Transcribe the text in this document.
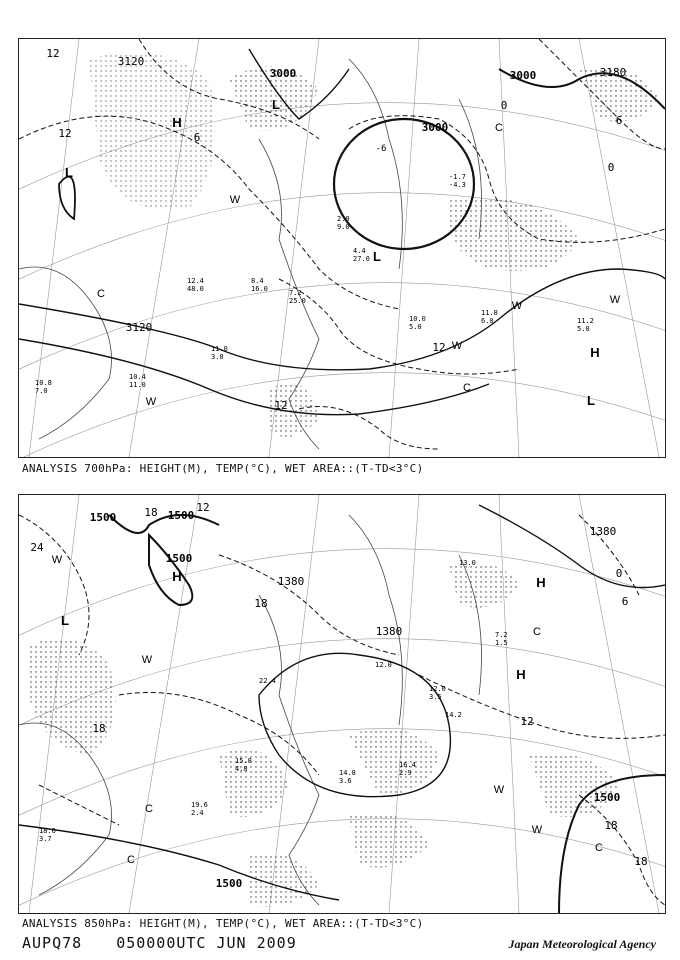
3120
3000
3000
3000
3120
3180
12
12
12
0
0
6
6
-6
12
H
L
L
L
L
H
C
C
W
W
W
W
C
W
11.8
6.0	11.2
5.0
10.0
5.0
11.0
3.0
10.4
11.0
10.8
7.0
12.4
48.0
8.4
16.0	7.2
25.0
2.0
9.0
4.4
27.0
-1.7
-4.3
ANALYSIS 700hPa: HEIGHT(M), TEMP(°C), WET AREA::(T-TD<3°C)
1500	1500
1500
1380
1380
1380
1500
1500
24
18	12
18
18
12
18
18
6
0
H
L
H
H
C
C
W
W
W
W
C
C
19.6
2.4
18.6
3.7
16.4
2.9
14.8
3.6
15.8
4.8
12.0
3.5
22.4
14.2
7.2
1.5
13.0
12.0
ANALYSIS 850hPa: HEIGHT(M), TEMP(°C), WET AREA::(T-TD<3°C)
AUPQ78 050000UTC JUN 2009	Japan Meteorological Agency
